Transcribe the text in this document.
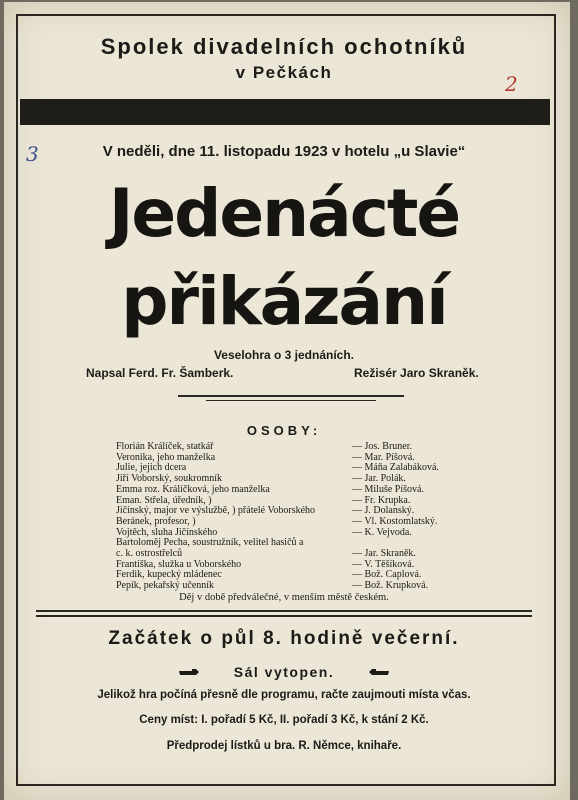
2
3
Spolek divadelních ochotníků
v Pečkách
V neděli, dne 11. listopadu 1923 v hotelu „u Slavie“
Jedenácté
přikázání
Veselohra o 3 jednáních.
Napsal Ferd. Fr. Šamberk.	Režisér Jaro Skraněk.
OSOBY:
Florián Králíček, statkář	— Jos. Bruner.
Veronika, jeho manželka	— Mar. Píšová.
Julie, jejich dcera	— Máňa Zalabáková.
Jiří Voborský, soukromník	— Jar. Polák.
Emma roz. Králíčková, jeho manželka	— Miluše Píšová.
Eman. Střela, úředník, )	— Fr. Krupka.
Jičínský, major ve výslužbě, ) přátelé Voborského	— J. Dolanský.
Beránek, profesor, )	— Vl. Kostomlatský.
Vojtěch, sluha Jičínského	— K. Vejvoda.
Bartoloměj Pecha, soustružník, velitel hasičů a
c. k. ostrostřelců	— Jar. Skraněk.
Františka, služka u Voborského	— V. Těšíková.
Ferdik, kupecký mládenec	— Bož. Caplová.
Pepík, pekařský učenník	— Bož. Krupková.
Děj v době předválečné, v menším městě českém.
Začátek o půl 8. hodině večerní.
Sál vytopen.
Jelikož hra počíná přesně dle programu, račte zaujmouti místa včas.
Ceny míst: I. pořadí 5 Kč, II. pořadí 3 Kč, k stání 2 Kč.
Předprodej lístků u bra. R. Němce, knihaře.
